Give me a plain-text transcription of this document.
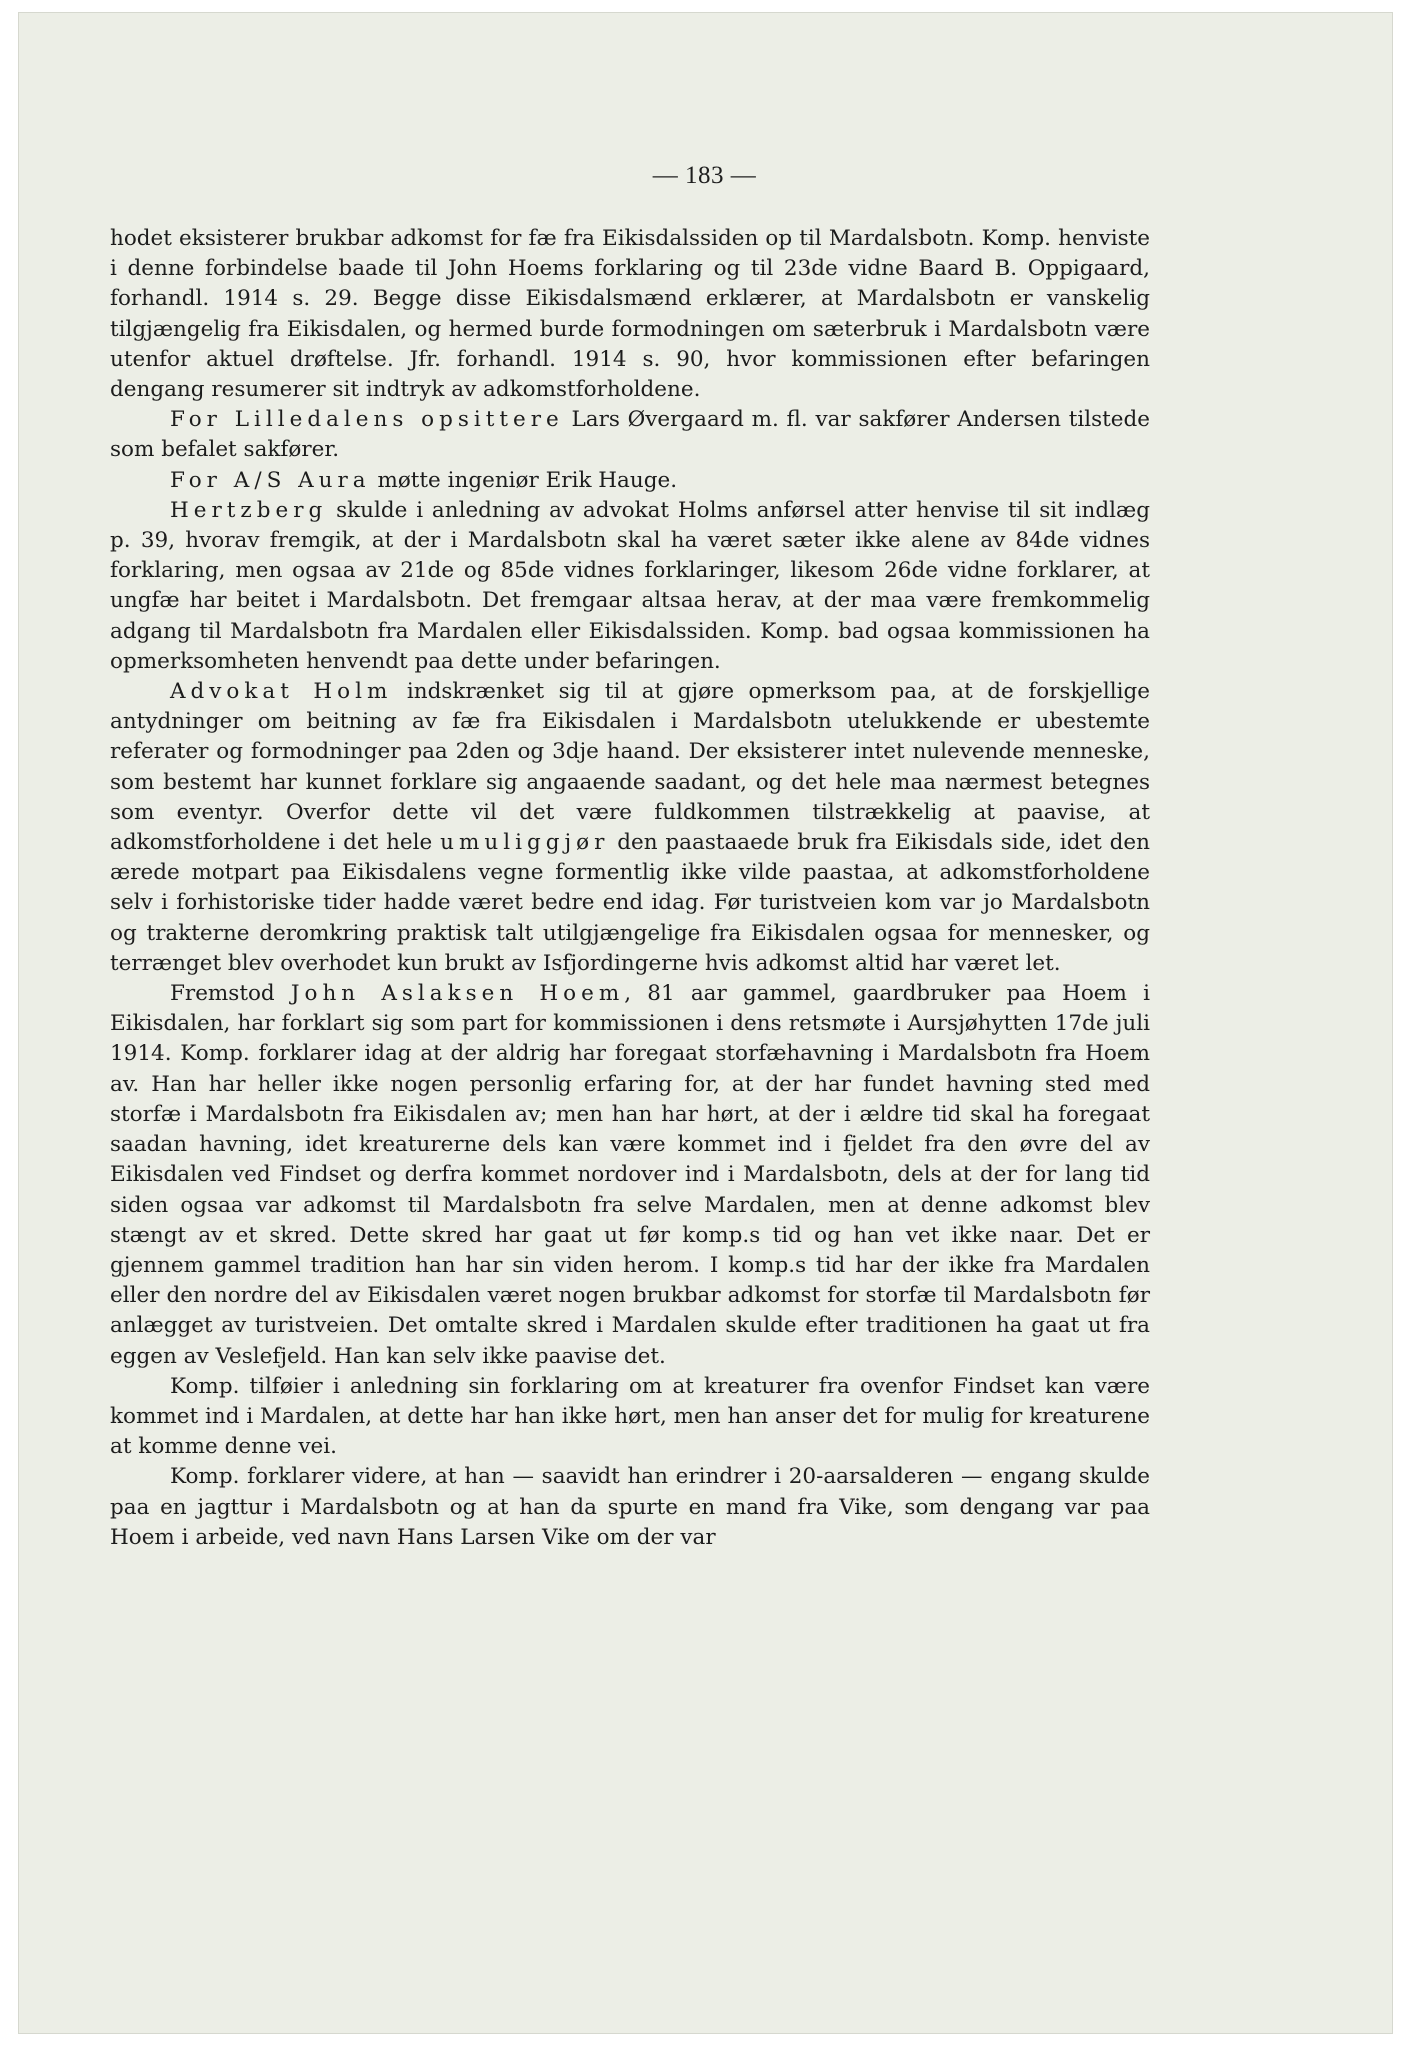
— 183 —

hodet eksisterer brukbar adkomst for fæ fra Eikisdalssiden op til Mardalsbotn. Komp. henviste i denne forbindelse baade til John Hoems forklaring og til 23de vidne Baard B. Oppigaard, forhandl. 1914 s. 29. Begge disse Eikisdalsmænd erklærer, at Mardalsbotn er vanskelig tilgjængelig fra Eikisdalen, og hermed burde formodningen om sæterbruk i Mardalsbotn være utenfor aktuel drøftelse. Jfr. forhandl. 1914 s. 90, hvor kommissionen efter befaringen dengang resumerer sit indtryk av adkomstforholdene.

For Lilledalens opsittere Lars Øvergaard m. fl. var sakfører Andersen tilstede som befalet sakfører.

For A/S Aura møtte ingeniør Erik Hauge.

Hertzberg skulde i anledning av advokat Holms anførsel atter henvise til sit indlæg p. 39, hvorav fremgik, at der i Mardalsbotn skal ha været sæter ikke alene av 84de vidnes forklaring, men ogsaa av 21de og 85de vidnes forklaringer, likesom 26de vidne forklarer, at ungfæ har beitet i Mardalsbotn. Det fremgaar altsaa herav, at der maa være fremkommelig adgang til Mardalsbotn fra Mardalen eller Eikisdalssiden. Komp. bad ogsaa kommissionen ha opmerksomheten henvendt paa dette under befaringen.

Advokat Holm indskrænket sig til at gjøre opmerksom paa, at de forskjellige antydninger om beitning av fæ fra Eikisdalen i Mardalsbotn utelukkende er ubestemte referater og formodninger paa 2den og 3dje haand. Der eksisterer intet nulevende menneske, som bestemt har kunnet forklare sig angaaende saadant, og det hele maa nærmest betegnes som eventyr. Overfor dette vil det være fuldkommen tilstrækkelig at paavise, at adkomstforholdene i det hele umuliggjør den paastaaede bruk fra Eikisdals side, idet den ærede motpart paa Eikisdalens vegne formentlig ikke vilde paastaa, at adkomstforholdene selv i forhistoriske tider hadde været bedre end idag. Før turistveien kom var jo Mardalsbotn og trakterne deromkring praktisk talt utilgjængelige fra Eikisdalen ogsaa for mennesker, og terrænget blev overhodet kun brukt av Isfjordingerne hvis adkomst altid har været let.

Fremstod John Aslaksen Hoem, 81 aar gammel, gaardbruker paa Hoem i Eikisdalen, har forklart sig som part for kommissionen i dens retsmøte i Aursjøhytten 17de juli 1914. Komp. forklarer idag at der aldrig har foregaat storfæhavning i Mardalsbotn fra Hoem av. Han har heller ikke nogen personlig erfaring for, at der har fundet havning sted med storfæ i Mardalsbotn fra Eikisdalen av; men han har hørt, at der i ældre tid skal ha foregaat saadan havning, idet kreaturerne dels kan være kommet ind i fjeldet fra den øvre del av Eikisdalen ved Findset og derfra kommet nordover ind i Mardalsbotn, dels at der for lang tid siden ogsaa var adkomst til Mardalsbotn fra selve Mardalen, men at denne adkomst blev stængt av et skred. Dette skred har gaat ut før komp.s tid og han vet ikke naar. Det er gjennem gammel tradition han har sin viden herom. I komp.s tid har der ikke fra Mardalen eller den nordre del av Eikisdalen været nogen brukbar adkomst for storfæ til Mardalsbotn før anlægget av turistveien. Det omtalte skred i Mardalen skulde efter traditionen ha gaat ut fra eggen av Veslefjeld. Han kan selv ikke paavise det.

Komp. tilføier i anledning sin forklaring om at kreaturer fra ovenfor Findset kan være kommet ind i Mardalen, at dette har han ikke hørt, men han anser det for mulig for kreaturene at komme denne vei.

Komp. forklarer videre, at han — saavidt han erindrer i 20-aarsalderen — engang skulde paa en jagttur i Mardalsbotn og at han da spurte en mand fra Vike, som dengang var paa Hoem i arbeide, ved navn Hans Larsen Vike om der var
